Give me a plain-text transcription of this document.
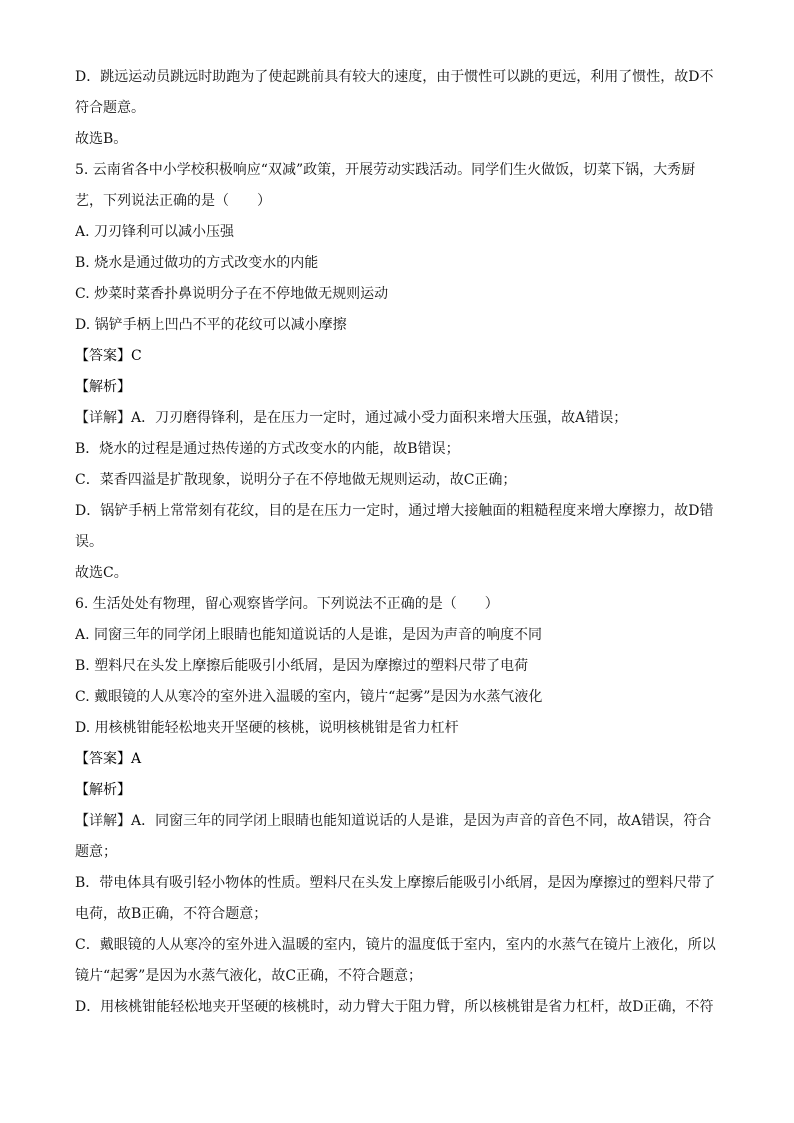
D．跳远运动员跳远时助跑为了使起跳前具有较大的速度，由于惯性可以跳的更远，利用了惯性，故D不
符合题意。
故选B。
5. 云南省各中小学校积极响应“双减”政策，开展劳动实践活动。同学们生火做饭，切菜下锅，大秀厨
艺，下列说法正确的是（　　）
A. 刀刃锋利可以减小压强
B. 烧水是通过做功的方式改变水的内能
C. 炒菜时菜香扑鼻说明分子在不停地做无规则运动
D. 锅铲手柄上凹凸不平的花纹可以减小摩擦
【答案】C
【解析】
【详解】A．刀刃磨得锋利，是在压力一定时，通过减小受力面积来增大压强，故A错误；
B．烧水的过程是通过热传递的方式改变水的内能，故B错误；
C．菜香四溢是扩散现象，说明分子在不停地做无规则运动，故C正确；
D．锅铲手柄上常常刻有花纹，目的是在压力一定时，通过增大接触面的粗糙程度来增大摩擦力，故D错
误。
故选C。
6. 生活处处有物理，留心观察皆学问。下列说法不正确的是（　　）
A. 同窗三年的同学闭上眼睛也能知道说话的人是谁，是因为声音的响度不同
B. 塑料尺在头发上摩擦后能吸引小纸屑，是因为摩擦过的塑料尺带了电荷
C. 戴眼镜的人从寒冷的室外进入温暖的室内，镜片“起雾”是因为水蒸气液化
D. 用核桃钳能轻松地夹开坚硬的核桃，说明核桃钳是省力杠杆
【答案】A
【解析】
【详解】A．同窗三年的同学闭上眼睛也能知道说话的人是谁，是因为声音的音色不同，故A错误，符合
题意；
B．带电体具有吸引轻小物体的性质。塑料尺在头发上摩擦后能吸引小纸屑，是因为摩擦过的塑料尺带了
电荷，故B正确，不符合题意；
C．戴眼镜的人从寒冷的室外进入温暖的室内，镜片的温度低于室内，室内的水蒸气在镜片上液化，所以
镜片“起雾”是因为水蒸气液化，故C正确，不符合题意；
D．用核桃钳能轻松地夹开坚硬的核桃时，动力臂大于阻力臂，所以核桃钳是省力杠杆，故D正确，不符
